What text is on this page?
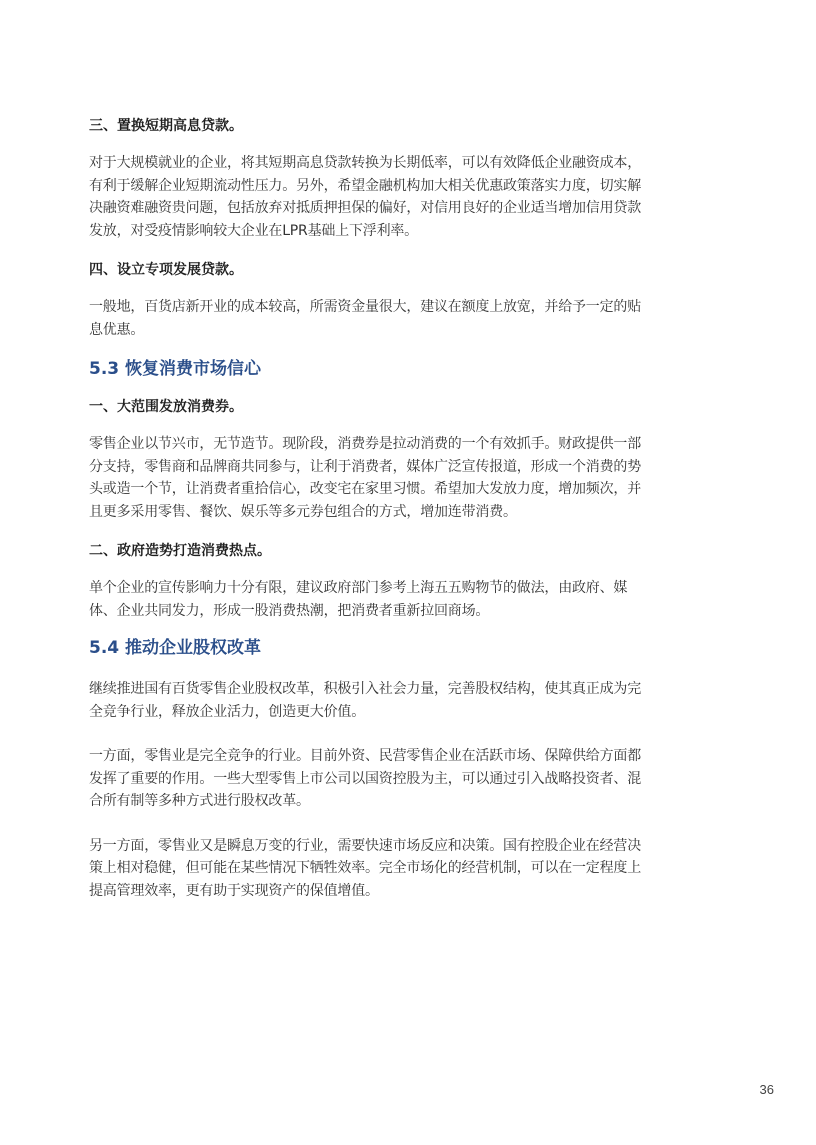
三、置换短期高息贷款。

对于大规模就业的企业，将其短期高息贷款转换为长期低率，可以有效降低企业融资成本，有利于缓解企业短期流动性压力。另外，希望金融机构加大相关优惠政策落实力度，切实解决融资难融资贵问题，包括放弃对抵质押担保的偏好，对信用良好的企业适当增加信用贷款发放，对受疫情影响较大企业在LPR基础上下浮利率。

四、设立专项发展贷款。

一般地，百货店新开业的成本较高，所需资金量很大，建议在额度上放宽，并给予一定的贴息优惠。

5.3 恢复消费市场信心

一、大范围发放消费券。

零售企业以节兴市，无节造节。现阶段，消费券是拉动消费的一个有效抓手。财政提供一部分支持，零售商和品牌商共同参与，让利于消费者，媒体广泛宣传报道，形成一个消费的势头或造一个节，让消费者重拾信心，改变宅在家里习惯。希望加大发放力度，增加频次，并且更多采用零售、餐饮、娱乐等多元券包组合的方式，增加连带消费。

二、政府造势打造消费热点。

单个企业的宣传影响力十分有限，建议政府部门参考上海五五购物节的做法，由政府、媒体、企业共同发力，形成一股消费热潮，把消费者重新拉回商场。

5.4 推动企业股权改革

继续推进国有百货零售企业股权改革，积极引入社会力量，完善股权结构，使其真正成为完全竞争行业，释放企业活力，创造更大价值。

一方面，零售业是完全竞争的行业。目前外资、民营零售企业在活跃市场、保障供给方面都发挥了重要的作用。一些大型零售上市公司以国资控股为主，可以通过引入战略投资者、混合所有制等多种方式进行股权改革。

另一方面，零售业又是瞬息万变的行业，需要快速市场反应和决策。国有控股企业在经营决策上相对稳健，但可能在某些情况下牺牲效率。完全市场化的经营机制，可以在一定程度上提高管理效率，更有助于实现资产的保值增值。

36
